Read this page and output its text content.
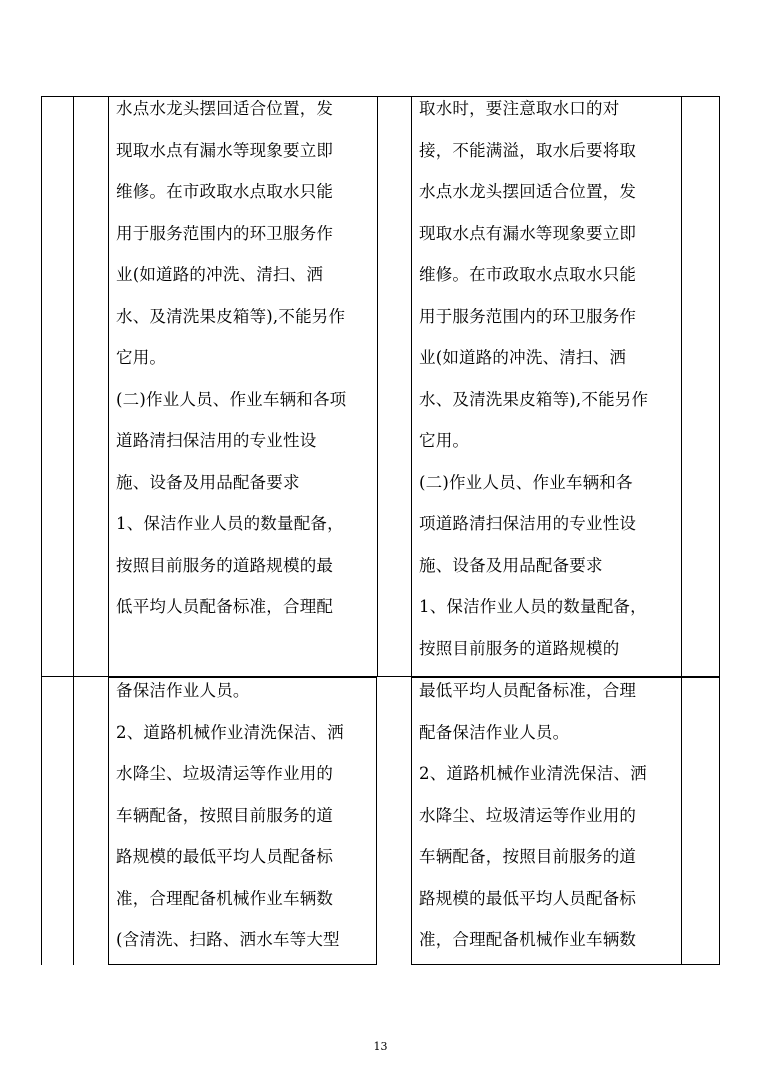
水点水龙头摆回适合位置，发
现取水点有漏水等现象要立即
维修。在市政取水点取水只能
用于服务范围内的环卫服务作
业(如道路的冲洗、清扫、洒
水、及清洗果皮箱等),不能另作
它用。
(二)作业人员、作业车辆和各项
道路清扫保洁用的专业性设
施、设备及用品配备要求
1、保洁作业人员的数量配备，
按照目前服务的道路规模的最
低平均人员配备标准，合理配
取水时，要注意取水口的对
接，不能满溢，取水后要将取
水点水龙头摆回适合位置，发
现取水点有漏水等现象要立即
维修。在市政取水点取水只能
用于服务范围内的环卫服务作
业(如道路的冲洗、清扫、洒
水、及清洗果皮箱等),不能另作
它用。
(二)作业人员、作业车辆和各
项道路清扫保洁用的专业性设
施、设备及用品配备要求
1、保洁作业人员的数量配备，
按照目前服务的道路规模的
备保洁作业人员。
2、道路机械作业清洗保洁、洒
水降尘、垃圾清运等作业用的
车辆配备，按照目前服务的道
路规模的最低平均人员配备标
准，合理配备机械作业车辆数
(含清洗、扫路、洒水车等大型
最低平均人员配备标准，合理
配备保洁作业人员。
2、道路机械作业清洗保洁、洒
水降尘、垃圾清运等作业用的
车辆配备，按照目前服务的道
路规模的最低平均人员配备标
准，合理配备机械作业车辆数
13
